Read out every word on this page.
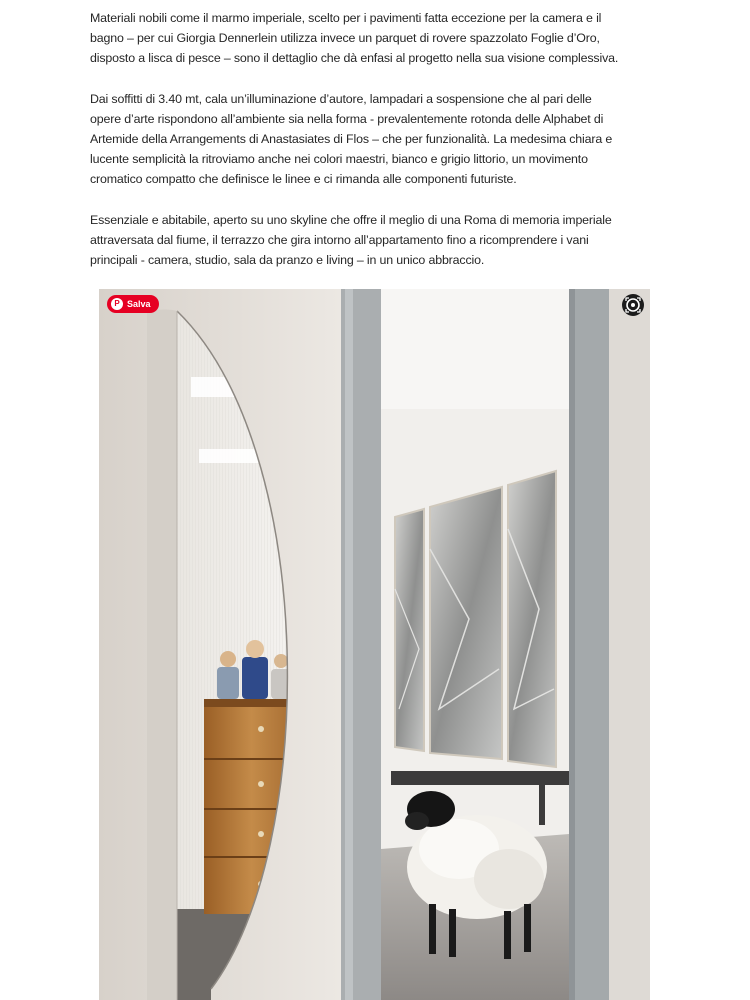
Materiali nobili come il marmo imperiale, scelto per i pavimenti fatta eccezione per la camera e il
bagno – per cui Giorgia Dennerlein utilizza invece un parquet di rovere spazzolato Foglie d’Oro,
disposto a lisca di pesce – sono il dettaglio che dà enfasi al progetto nella sua visione complessiva.

Dai soffitti di 3.40 mt, cala un’illuminazione d’autore, lampadari a sospensione che al pari delle
opere d’arte rispondono all’ambiente sia nella forma - prevalentemente rotonda delle Alphabet di
Artemide della Arrangements di Anastasiates di Flos – che per funzionalità. La medesima chiara e
lucente semplicità la ritroviamo anche nei colori maestri, bianco e grigio littorio, un movimento
cromatico compatto che definisce le linee e ci rimanda alle componenti futuriste.

Essenziale e abitabile, aperto su uno skyline che offre il meglio di una Roma di memoria imperiale
attraversata dal fiume, il terrazzo che gira intorno all’appartamento fino a ricomprendere i vani
principali - camera, studio, sala da pranzo e living – in un unico abbraccio.

P Salva
